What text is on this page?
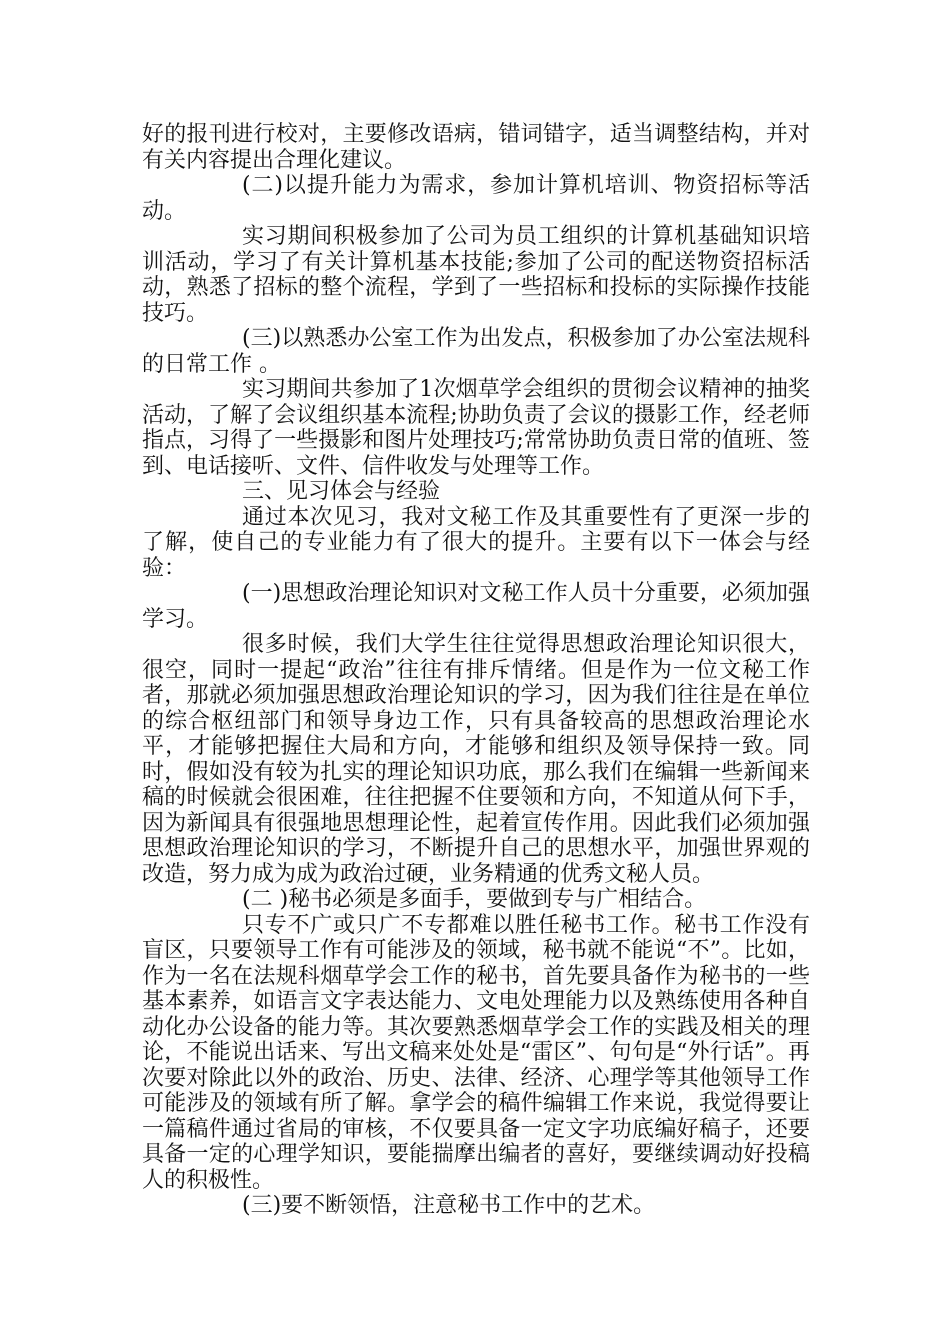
好的报刊进行校对，主要修改语病，错词错字，适当调整结构，并对有关内容提出合理化建议。

(二)以提升能力为需求，参加计算机培训、物资招标等活动。

实习期间积极参加了公司为员工组织的计算机基础知识培训活动，学习了有关计算机基本技能;参加了公司的配送物资招标活动，熟悉了招标的整个流程，学到了一些招标和投标的实际操作技能技巧。

(三)以熟悉办公室工作为出发点，积极参加了办公室法规科的日常工作 。

实习期间共参加了1次烟草学会组织的贯彻会议精神的抽奖活动，了解了会议组织基本流程;协助负责了会议的摄影工作，经老师指点，习得了一些摄影和图片处理技巧;常常协助负责日常的值班、签到、电话接听、文件、信件收发与处理等工作。

三、见习体会与经验

通过本次见习，我对文秘工作及其重要性有了更深一步的了解，使自己的专业能力有了很大的提升。主要有以下一体会与经验：

(一)思想政治理论知识对文秘工作人员十分重要，必须加强学习。

很多时候，我们大学生往往觉得思想政治理论知识很大，很空，同时一提起“政治”往往有排斥情绪。但是作为一位文秘工作者，那就必须加强思想政治理论知识的学习，因为我们往往是在单位的综合枢纽部门和领导身边工作，只有具备较高的思想政治理论水平，才能够把握住大局和方向，才能够和组织及领导保持一致。同时，假如没有较为扎实的理论知识功底，那么我们在编辑一些新闻来稿的时候就会很困难，往往把握不住要领和方向，不知道从何下手，因为新闻具有很强地思想理论性，起着宣传作用。因此我们必须加强思想政治理论知识的学习，不断提升自己的思想水平，加强世界观的改造，努力成为成为政治过硬，业务精通的优秀文秘人员。

(二 )秘书必须是多面手，要做到专与广相结合。

只专不广或只广不专都难以胜任秘书工作。秘书工作没有盲区，只要领导工作有可能涉及的领域，秘书就不能说“不”。比如，作为一名在法规科烟草学会工作的秘书，首先要具备作为秘书的一些基本素养，如语言文字表达能力、文电处理能力以及熟练使用各种自动化办公设备的能力等。其次要熟悉烟草学会工作的实践及相关的理论，不能说出话来、写出文稿来处处是“雷区”、句句是“外行话”。再次要对除此以外的政治、历史、法律、经济、心理学等其他领导工作可能涉及的领域有所了解。拿学会的稿件编辑工作来说，我觉得要让一篇稿件通过省局的审核，不仅要具备一定文字功底编好稿子，还要具备一定的心理学知识，要能揣摩出编者的喜好，要继续调动好投稿人的积极性。

(三)要不断领悟，注意秘书工作中的艺术。
